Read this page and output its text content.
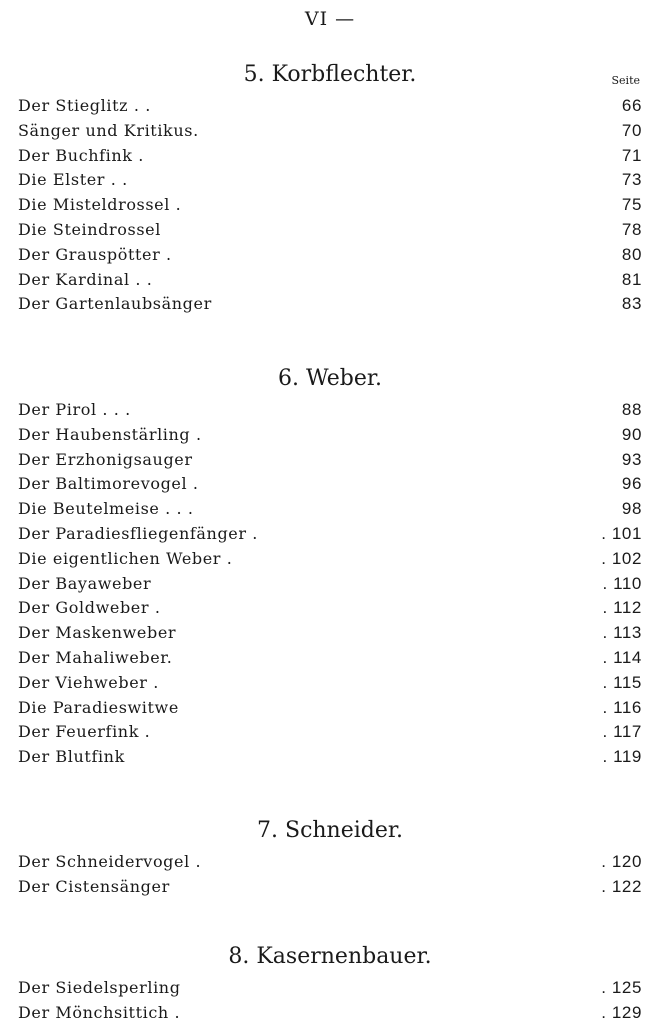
VI —
5. Korbflechter.	Seite
Der Stieglitz . .	66
Sänger und Kritikus.	70
Der Buchfink .	71
Die Elster . .	73
Die Misteldrossel .	75
Die Steindrossel	78
Der Grauspötter .	80
Der Kardinal . .	81
Der Gartenlaubsänger	83
6. Weber.
Der Pirol . . .	88
Der Haubenstärling .	90
Der Erzhonigsauger	93
Der Baltimorevogel .	96
Die Beutelmeise . . .	98
Der Paradiesfliegenfänger .	. 101
Die eigentlichen Weber .	. 102
Der Bayaweber	. 110
Der Goldweber .	. 112
Der Maskenweber	. 113
Der Mahaliweber.	. 114
Der Viehweber .	. 115
Die Paradieswitwe	. 116
Der Feuerfink .	. 117
Der Blutfink	. 119
7. Schneider.
Der Schneidervogel .	. 120
Der Cistensänger	. 122
8. Kasernenbauer.
Der Siedelsperling	. 125
Der Mönchsittich .	. 129
